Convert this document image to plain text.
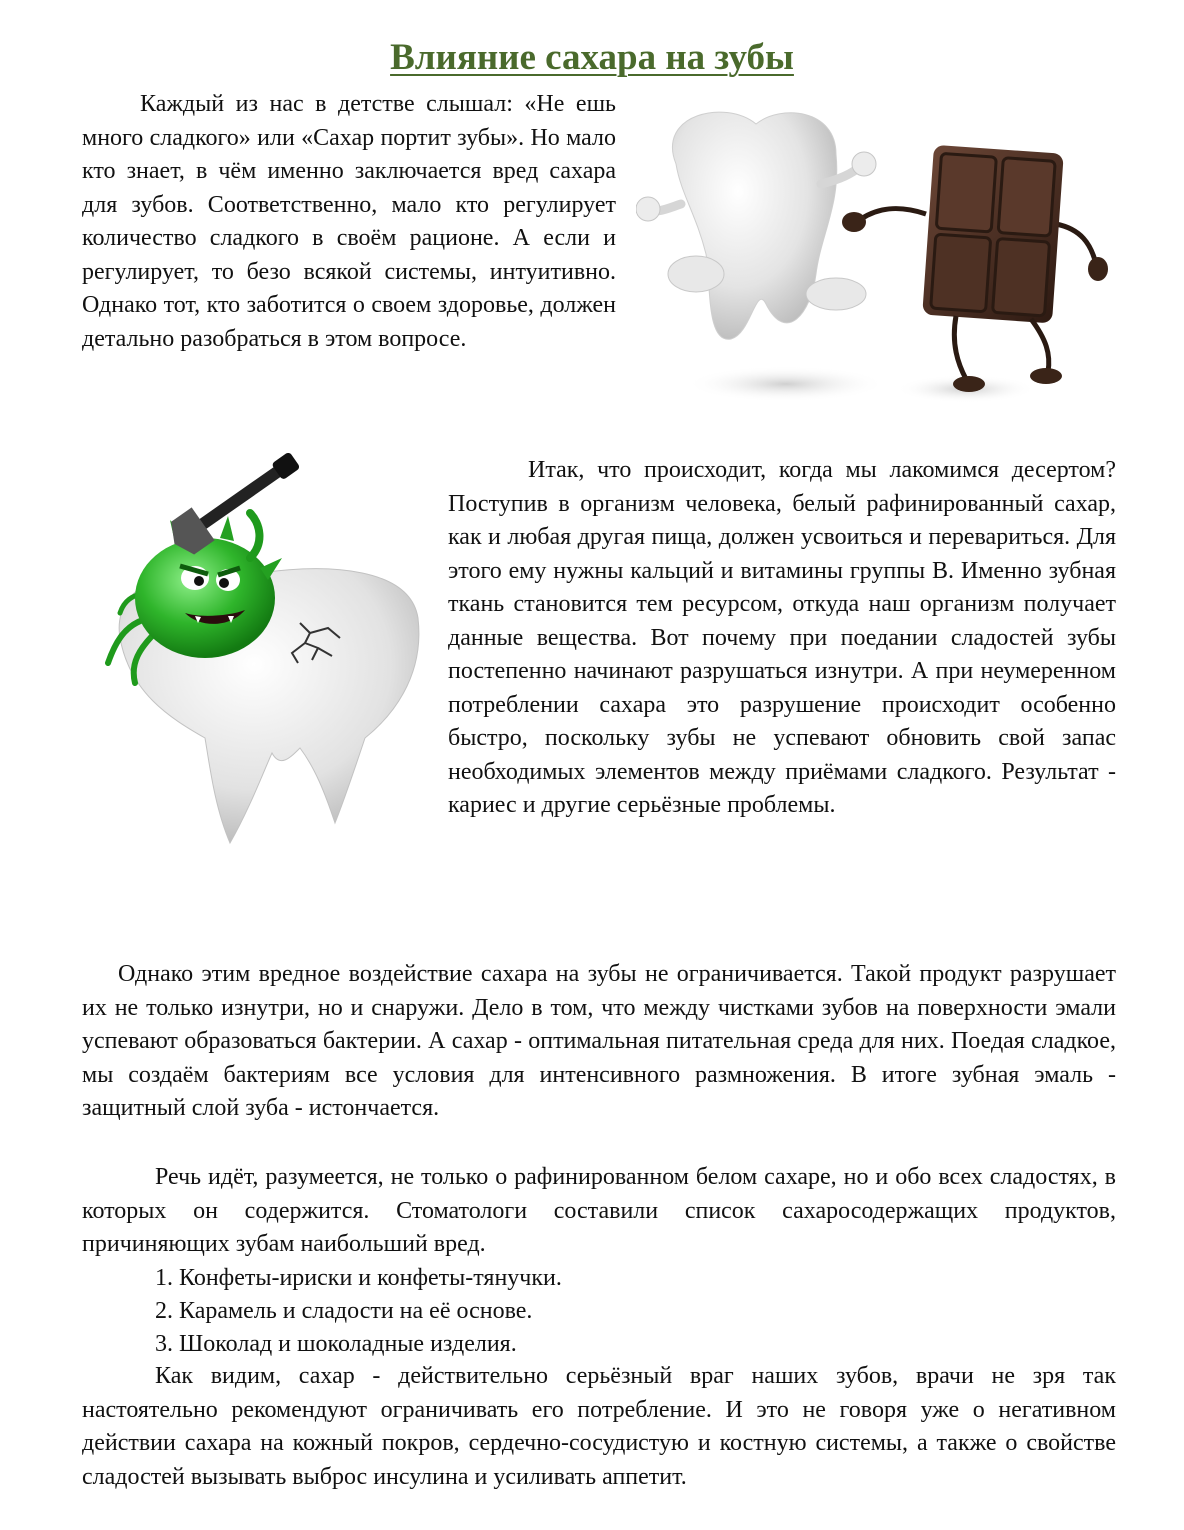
Влияние сахара на зубы

Каждый из нас в детстве слышал: «Не ешь много сладкого» или «Сахар портит зубы». Но мало кто знает, в чём именно заключается вред сахара для зубов. Соответственно, мало кто регулирует количество сладкого в своём рационе. А если и регулирует, то безо всякой системы, интуитивно. Однако тот, кто заботится о своем здоровье, должен детально разобраться в этом вопросе.

Итак, что происходит, когда мы лакомимся десертом? Поступив в организм человека, белый рафинированный сахар, как и любая другая пища, должен усвоиться и перевариться. Для этого ему нужны кальций и витамины группы B. Именно зубная ткань становится тем ресурсом, откуда наш организм получает данные вещества. Вот почему при поедании сладостей зубы постепенно начинают разрушаться изнутри. А при неумеренном потреблении сахара это разрушение происходит особенно быстро, поскольку зубы не успевают обновить свой запас необходимых элементов между приёмами сладкого. Результат - кариес и другие серьёзные проблемы.

Однако этим вредное воздействие сахара на зубы не ограничивается. Такой продукт разрушает их не только изнутри, но и снаружи. Дело в том, что между чистками зубов на поверхности эмали успевают образоваться бактерии. А сахар - оптимальная питательная среда для них. Поедая сладкое, мы создаём бактериям все условия для интенсивного размножения. В итоге зубная эмаль - защитный слой зуба - истончается.

Речь идёт, разумеется, не только о рафинированном белом сахаре, но и обо всех сладостях, в которых он содержится. Стоматологи составили список сахаросодержащих продуктов, причиняющих зубам наибольший вред.

1. Конфеты-ириски и конфеты-тянучки.
2. Карамель и сладости на её основе.
3. Шоколад и шоколадные изделия.

Как видим, сахар - действительно серьёзный враг наших зубов, врачи не зря так настоятельно рекомендуют ограничивать его потребление. И это не говоря уже о негативном действии сахара на кожный покров, сердечно-сосудистую и костную системы, а также о свойстве сладостей вызывать выброс инсулина и усиливать аппетит.
